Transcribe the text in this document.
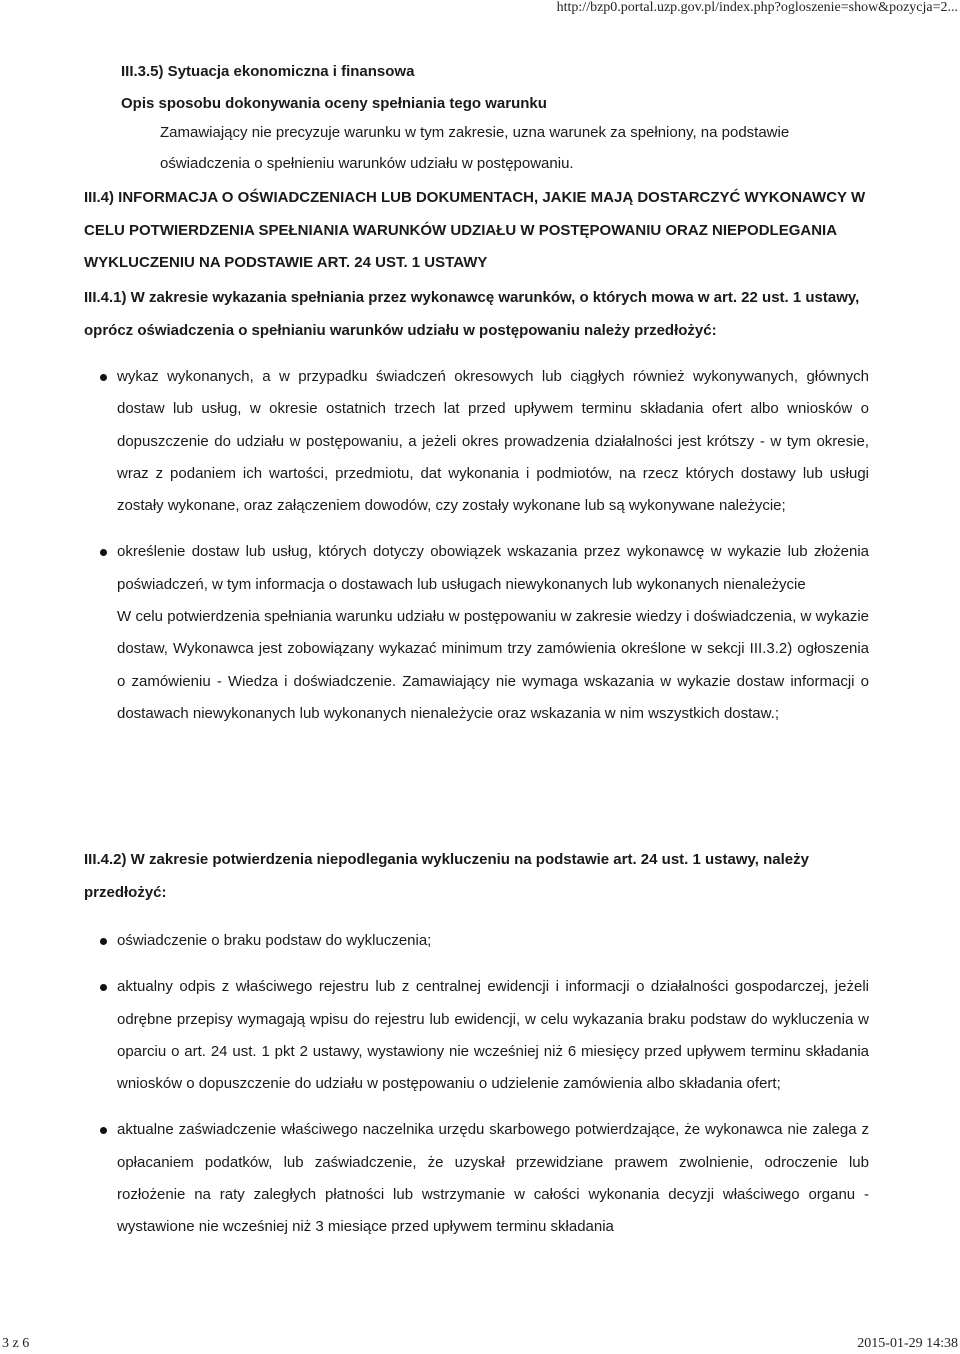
http://bzp0.portal.uzp.gov.pl/index.php?ogloszenie=show&pozycja=2...
III.3.5) Sytuacja ekonomiczna i finansowa
Opis sposobu dokonywania oceny spełniania tego warunku
Zamawiający nie precyzuje warunku w tym zakresie, uzna warunek za spełniony, na podstawie oświadczenia o spełnieniu warunków udziału w postępowaniu.
III.4) INFORMACJA O OŚWIADCZENIACH LUB DOKUMENTACH, JAKIE MAJĄ DOSTARCZYĆ WYKONAWCY W CELU POTWIERDZENIA SPEŁNIANIA WARUNKÓW UDZIAŁU W POSTĘPOWANIU ORAZ NIEPODLEGANIA WYKLUCZENIU NA PODSTAWIE ART. 24 UST. 1 USTAWY
III.4.1) W zakresie wykazania spełniania przez wykonawcę warunków, o których mowa w art. 22 ust. 1 ustawy, oprócz oświadczenia o spełnianiu warunków udziału w postępowaniu należy przedłożyć:
wykaz wykonanych, a w przypadku świadczeń okresowych lub ciągłych również wykonywanych, głównych dostaw lub usług, w okresie ostatnich trzech lat przed upływem terminu składania ofert albo wniosków o dopuszczenie do udziału w postępowaniu, a jeżeli okres prowadzenia działalności jest krótszy - w tym okresie, wraz z podaniem ich wartości, przedmiotu, dat wykonania i podmiotów, na rzecz których dostawy lub usługi zostały wykonane, oraz załączeniem dowodów, czy zostały wykonane lub są wykonywane należycie;
określenie dostaw lub usług, których dotyczy obowiązek wskazania przez wykonawcę w wykazie lub złożenia poświadczeń, w tym informacja o dostawach lub usługach niewykonanych lub wykonanych nienależycie
W celu potwierdzenia spełniania warunku udziału w postępowaniu w zakresie wiedzy i doświadczenia, w wykazie dostaw, Wykonawca jest zobowiązany wykazać minimum trzy zamówienia określone w sekcji III.3.2) ogłoszenia o zamówieniu - Wiedza i doświadczenie. Zamawiający nie wymaga wskazania w wykazie dostaw informacji o dostawach niewykonanych lub wykonanych nienależycie oraz wskazania w nim wszystkich dostaw.;
III.4.2) W zakresie potwierdzenia niepodlegania wykluczeniu na podstawie art. 24 ust. 1 ustawy, należy przedłożyć:
oświadczenie o braku podstaw do wykluczenia;
aktualny odpis z właściwego rejestru lub z centralnej ewidencji i informacji o działalności gospodarczej, jeżeli odrębne przepisy wymagają wpisu do rejestru lub ewidencji, w celu wykazania braku podstaw do wykluczenia w oparciu o art. 24 ust. 1 pkt 2 ustawy, wystawiony nie wcześniej niż 6 miesięcy przed upływem terminu składania wniosków o dopuszczenie do udziału w postępowaniu o udzielenie zamówienia albo składania ofert;
aktualne zaświadczenie właściwego naczelnika urzędu skarbowego potwierdzające, że wykonawca nie zalega z opłacaniem podatków, lub zaświadczenie, że uzyskał przewidziane prawem zwolnienie, odroczenie lub rozłożenie na raty zaległych płatności lub wstrzymanie w całości wykonania decyzji właściwego organu - wystawione nie wcześniej niż 3 miesiące przed upływem terminu składania
3 z 6	2015-01-29 14:38
